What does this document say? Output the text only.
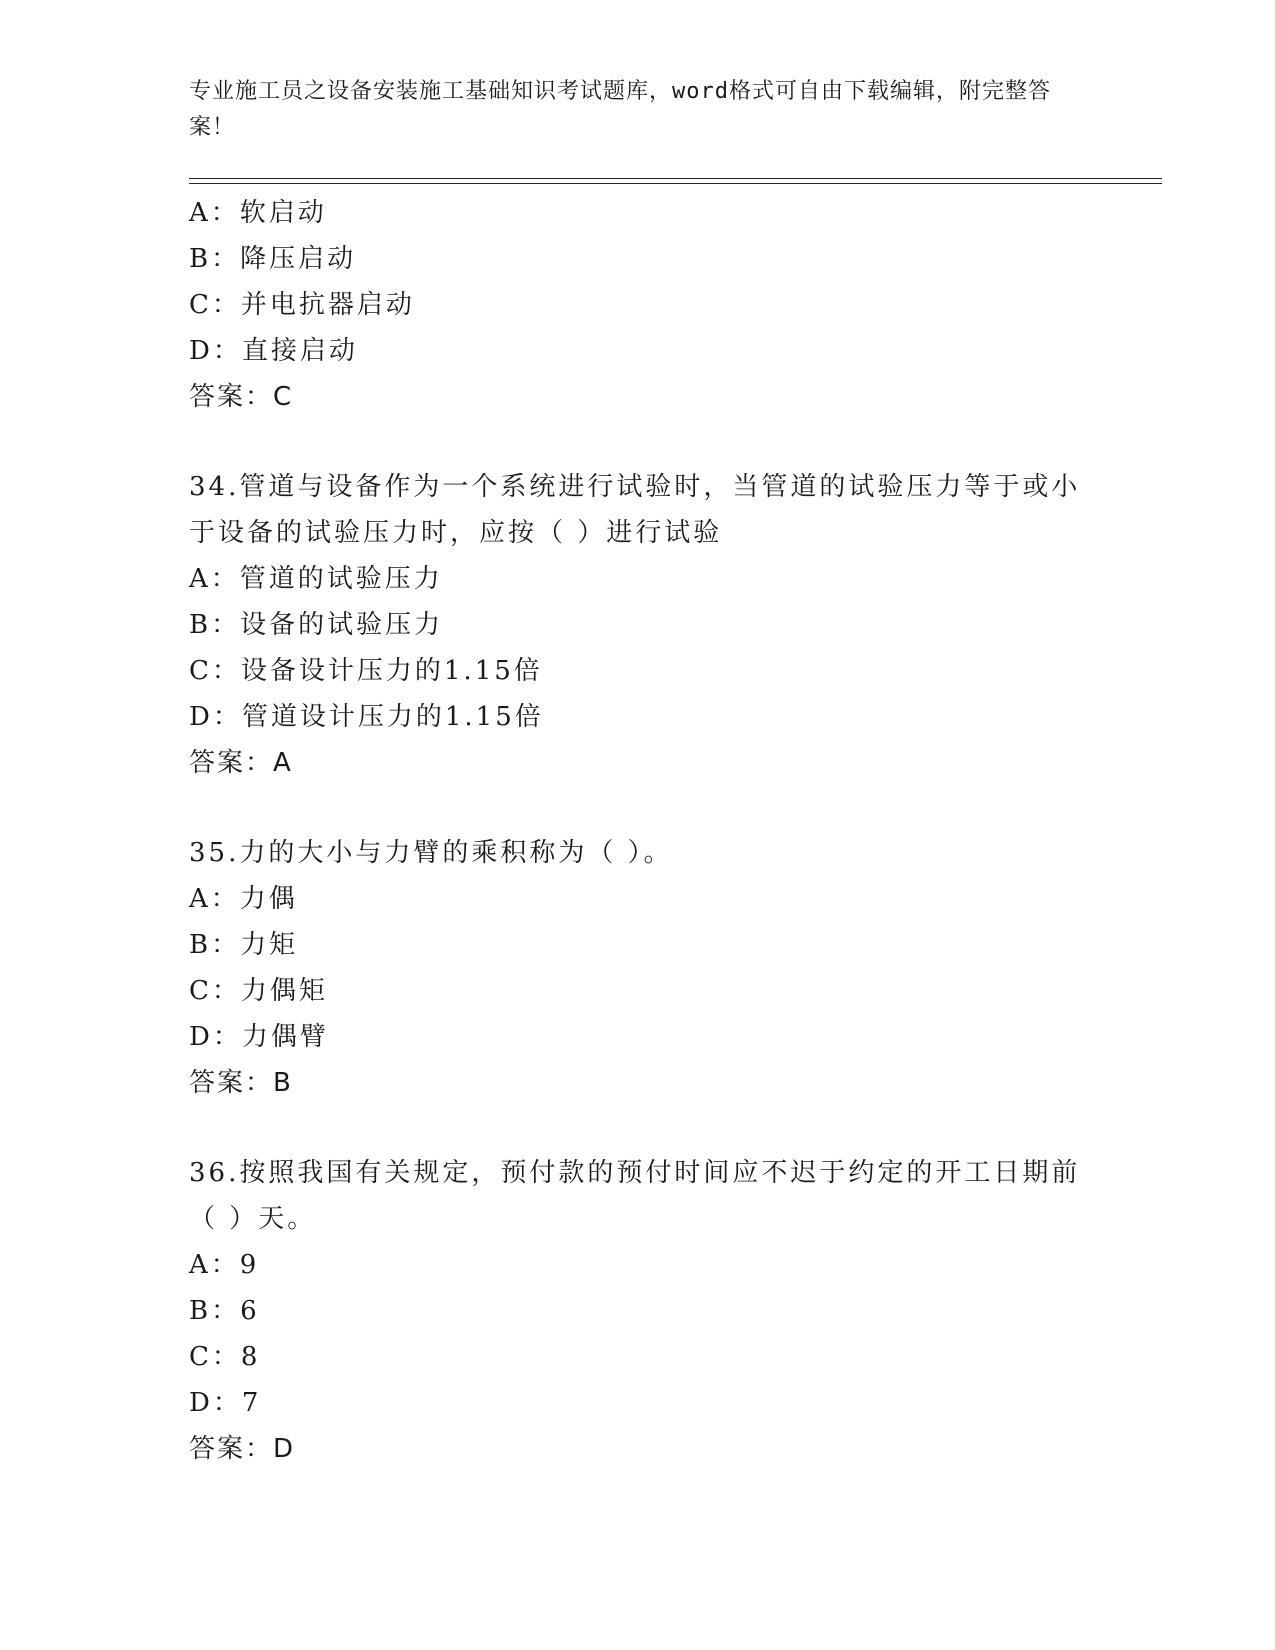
专业施工员之设备安装施工基础知识考试题库，word格式可自由下载编辑，附完整答案！
A：软启动
B：降压启动
C：并电抗器启动
D：直接启动
答案：C
34.管道与设备作为一个系统进行试验时，当管道的试验压力等于或小于设备的试验压力时，应按（ ）进行试验
A：管道的试验压力
B：设备的试验压力
C：设备设计压力的1.15倍
D：管道设计压力的1.15倍
答案：A
35.力的大小与力臂的乘积称为（ ）。
A：力偶
B：力矩
C：力偶矩
D：力偶臂
答案：B
36.按照我国有关规定，预付款的预付时间应不迟于约定的开工日期前（ ）天。
A：9
B：6
C：8
D：7
答案：D
